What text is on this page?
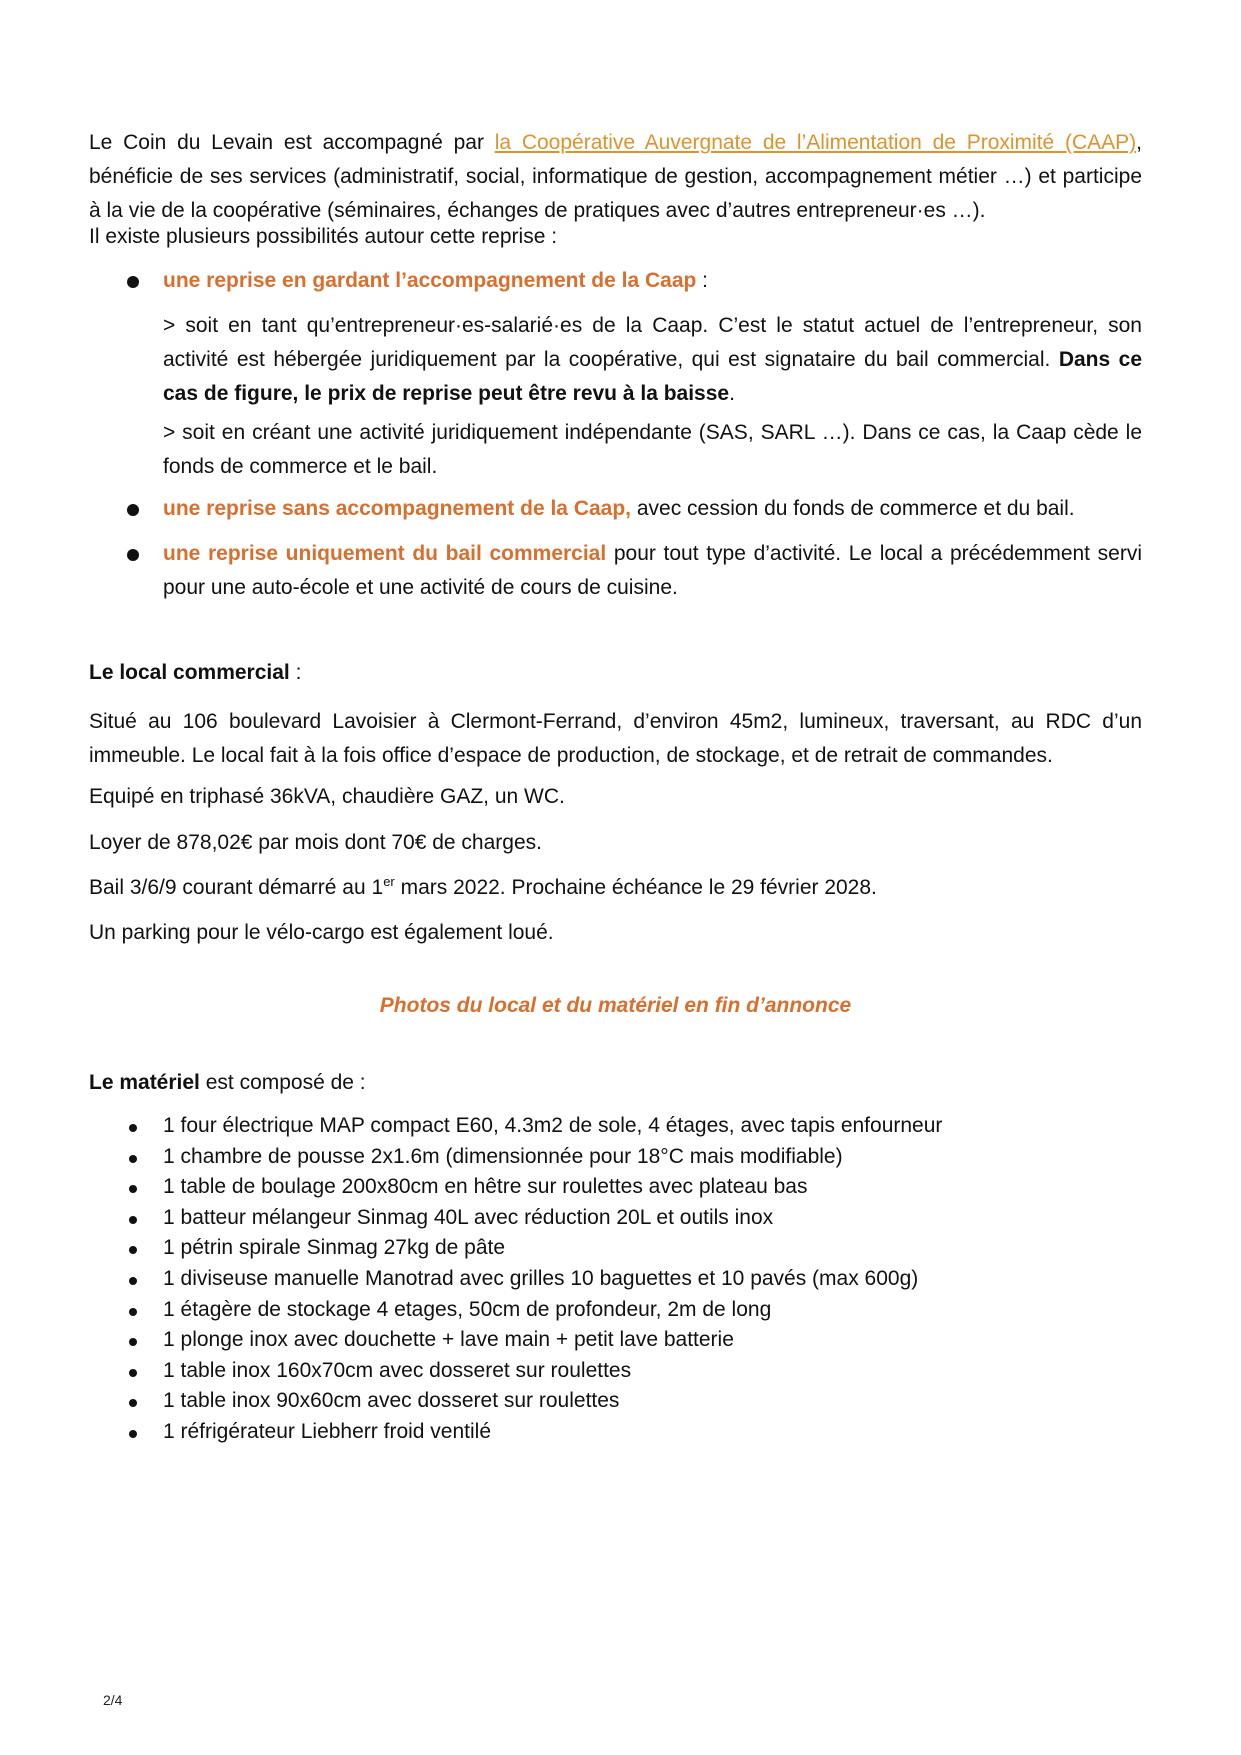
Le Coin du Levain est accompagné par la Coopérative Auvergnate de l’Alimentation de Proximité (CAAP), bénéficie de ses services (administratif, social, informatique de gestion, accompagnement métier …) et participe à la vie de la coopérative (séminaires, échanges de pratiques avec d’autres entrepreneur·es …).

Il existe plusieurs possibilités autour cette reprise :

une reprise en gardant l’accompagnement de la Caap :

> soit en tant qu’entrepreneur·es-salarié·es de la Caap. C’est le statut actuel de l’entrepreneur, son activité est hébergée juridiquement par la coopérative, qui est signataire du bail commercial. Dans ce cas de figure, le prix de reprise peut être revu à la baisse.

> soit en créant une activité juridiquement indépendante (SAS, SARL …). Dans ce cas, la Caap cède le fonds de commerce et le bail.

une reprise sans accompagnement de la Caap, avec cession du fonds de commerce et du bail.

une reprise uniquement du bail commercial pour tout type d’activité. Le local a précédemment servi pour une auto-école et une activité de cours de cuisine.

Le local commercial :

Situé au 106 boulevard Lavoisier à Clermont-Ferrand, d’environ 45m2, lumineux, traversant, au RDC d’un immeuble. Le local fait à la fois office d’espace de production, de stockage, et de retrait de commandes.

Equipé en triphasé 36kVA, chaudière GAZ, un WC.

Loyer de 878,02€ par mois dont 70€ de charges.

Bail 3/6/9 courant démarré au 1er mars 2022. Prochaine échéance le 29 février 2028.

Un parking pour le vélo-cargo est également loué.

Photos du local et du matériel en fin d’annonce

Le matériel est composé de :

1 four électrique MAP compact E60, 4.3m2 de sole, 4 étages, avec tapis enfourneur
1 chambre de pousse 2x1.6m (dimensionnée pour 18°C mais modifiable)
1 table de boulage 200x80cm en hêtre sur roulettes avec plateau bas
1 batteur mélangeur Sinmag 40L avec réduction 20L et outils inox
1 pétrin spirale Sinmag 27kg de pâte
1 diviseuse manuelle Manotrad avec grilles 10 baguettes et 10 pavés (max 600g)
1 étagère de stockage 4 etages, 50cm de profondeur, 2m de long
1 plonge inox avec douchette + lave main + petit lave batterie
1 table inox 160x70cm avec dosseret sur roulettes
1 table inox 90x60cm avec dosseret sur roulettes
1 réfrigérateur Liebherr froid ventilé
2/4
